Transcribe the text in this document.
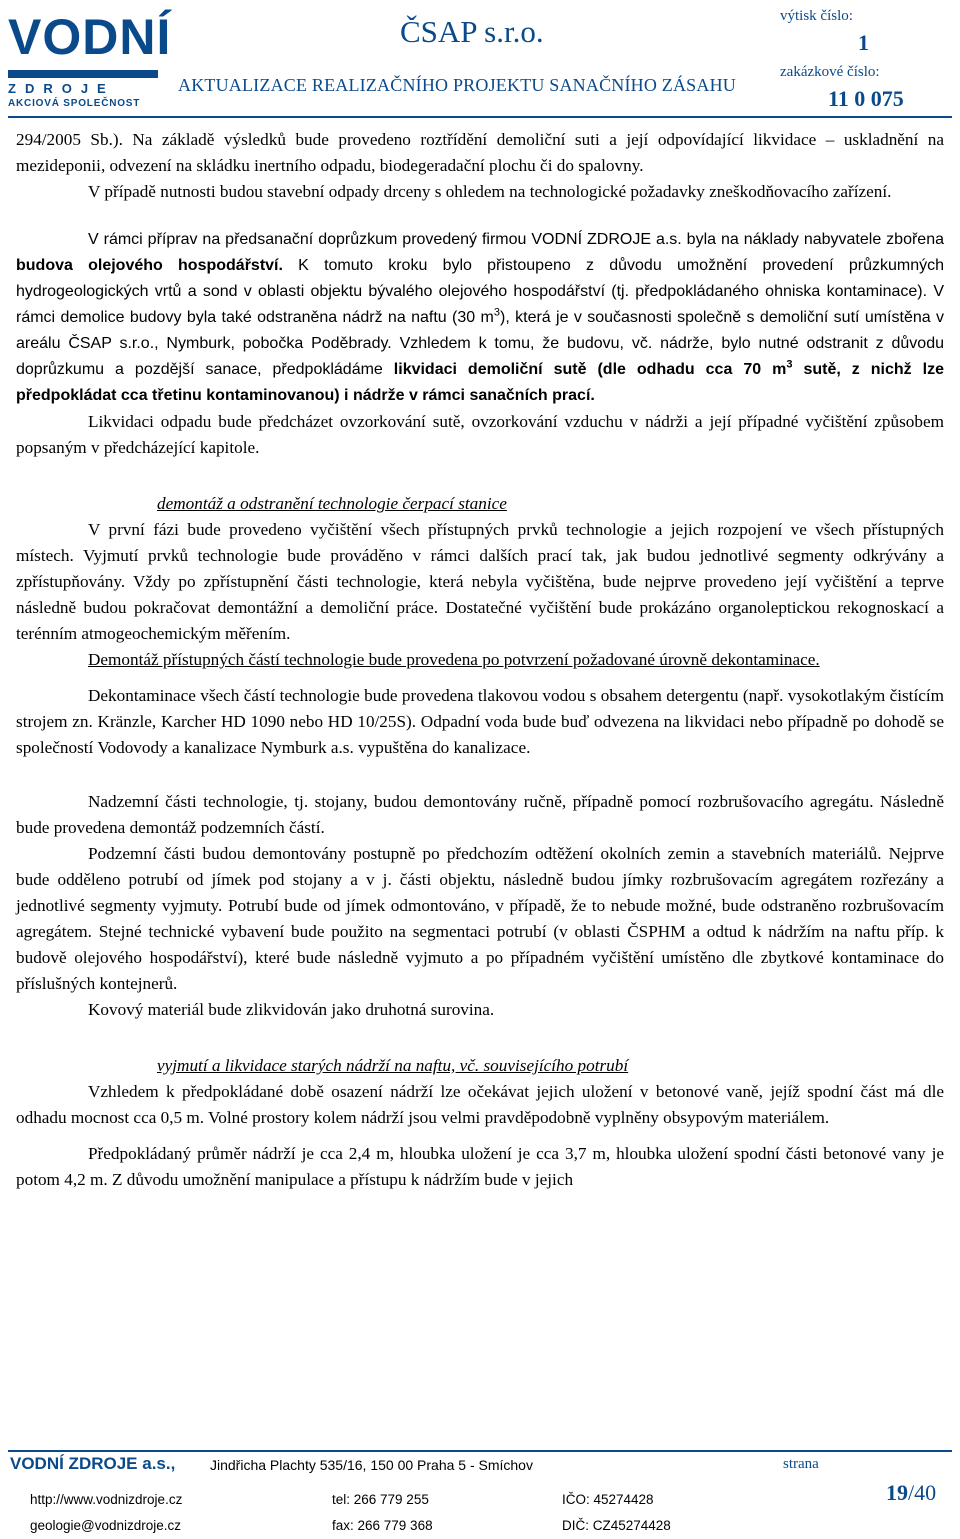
VODNÍ
ZDROJE
AKCIOVÁ SPOLEČNOST
ČSAP s.r.o.
AKTUALIZACE REALIZAČNÍHO PROJEKTU SANAČNÍHO ZÁSAHU
výtisk číslo:
1
zakázkové číslo:
11 0 075

294/2005 Sb.). Na základě výsledků bude provedeno roztřídění demoliční suti a její odpovídající likvidace – uskladnění na mezideponii, odvezení na skládku inertního odpadu, biodegeradační plochu či do spalovny.

V případě nutnosti budou stavební odpady drceny s ohledem na technologické požadavky zneškodňovacího zařízení.

V rámci příprav na předsanační doprůzkum provedený firmou VODNÍ ZDROJE a.s. byla na náklady nabyvatele zbořena budova olejového hospodářství. K tomuto kroku bylo přistoupeno z důvodu umožnění provedení průzkumných hydrogeologických vrtů a sond v oblasti objektu bývalého olejového hospodářství (tj. předpokládaného ohniska kontaminace). V rámci demolice budovy byla také odstraněna nádrž na naftu (30 $m^3$), která je v současnosti společně s demoliční sutí umístěna v areálu ČSAP s.r.o., Nymburk, pobočka Poděbrady. Vzhledem k tomu, že budovu, vč. nádrže, bylo nutné odstranit z důvodu doprůzkumu a pozdější sanace, předpokládáme likvidaci demoliční sutě (dle odhadu cca 70 $m^3$ sutě, z nichž lze předpokládat cca třetinu kontaminovanou) i nádrže v rámci sanačních prací.

Likvidaci odpadu bude předcházet ovzorkování sutě, ovzorkování vzduchu v nádrži a její případné vyčištění způsobem popsaným v předcházející kapitole.

demontáž a odstranění technologie čerpací stanice

V první fázi bude provedeno vyčištění všech přístupných prvků technologie a jejich rozpojení ve všech přístupných místech. Vyjmutí prvků technologie bude prováděno v rámci dalších prací tak, jak budou jednotlivé segmenty odkrývány a zpřístupňovány. Vždy po zpřístupnění části technologie, která nebyla vyčištěna, bude nejprve provedeno její vyčištění a teprve následně budou pokračovat demontážní a demoliční práce. Dostatečné vyčištění bude prokázáno organoleptickou rekognoskací a terénním atmogeochemickým měřením.

Demontáž přístupných částí technologie bude provedena po potvrzení požadované úrovně dekontaminace.

Dekontaminace všech částí technologie bude provedena tlakovou vodou s obsahem detergentu (např. vysokotlakým čistícím strojem zn. Kränzle, Karcher HD 1090 nebo HD 10/25S). Odpadní voda bude buď odvezena na likvidaci nebo případně po dohodě se společností Vodovody a kanalizace Nymburk a.s. vypuštěna do kanalizace.

Nadzemní části technologie, tj. stojany, budou demontovány ručně, případně pomocí rozbrušovacího agregátu. Následně bude provedena demontáž podzemních částí.

Podzemní části budou demontovány postupně po předchozím odtěžení okolních zemin a stavebních materiálů. Nejprve bude odděleno potrubí od jímek pod stojany a v j. části objektu, následně budou jímky rozbrušovacím agregátem rozřezány a jednotlivé segmenty vyjmuty. Potrubí bude od jímek odmontováno, v případě, že to nebude možné, bude odstraněno rozbrušovacím agregátem. Stejné technické vybavení bude použito na segmentaci potrubí (v oblasti ČSPHM a odtud k nádržím na naftu příp. k budově olejového hospodářství), které bude následně vyjmuto a po případném vyčištění umístěno dle zbytkové kontaminace do příslušných kontejnerů.

Kovový materiál bude zlikvidován jako druhotná surovina.

vyjmutí a likvidace starých nádrží na naftu, vč. souvisejícího potrubí

Vzhledem k předpokládané době osazení nádrží lze očekávat jejich uložení v betonové vaně, jejíž spodní část má dle odhadu mocnost cca 0,5 m. Volné prostory kolem nádrží jsou velmi pravděpodobně vyplněny obsypovým materiálem.

Předpokládaný průměr nádrží je cca 2,4 m, hloubka uložení je cca 3,7 m, hloubka uložení spodní části betonové vany je potom 4,2 m. Z důvodu umožnění manipulace a přístupu k nádržím bude v jejich

VODNÍ ZDROJE a.s., Jindřicha Plachty 535/16, 150 00 Praha 5 - Smíchov
http://www.vodnizdroje.cz
geologie@vodnizdroje.cz
tel: 266 779 255
fax: 266 779 368
IČO: 45274428
DIČ: CZ45274428
strana
19/40
